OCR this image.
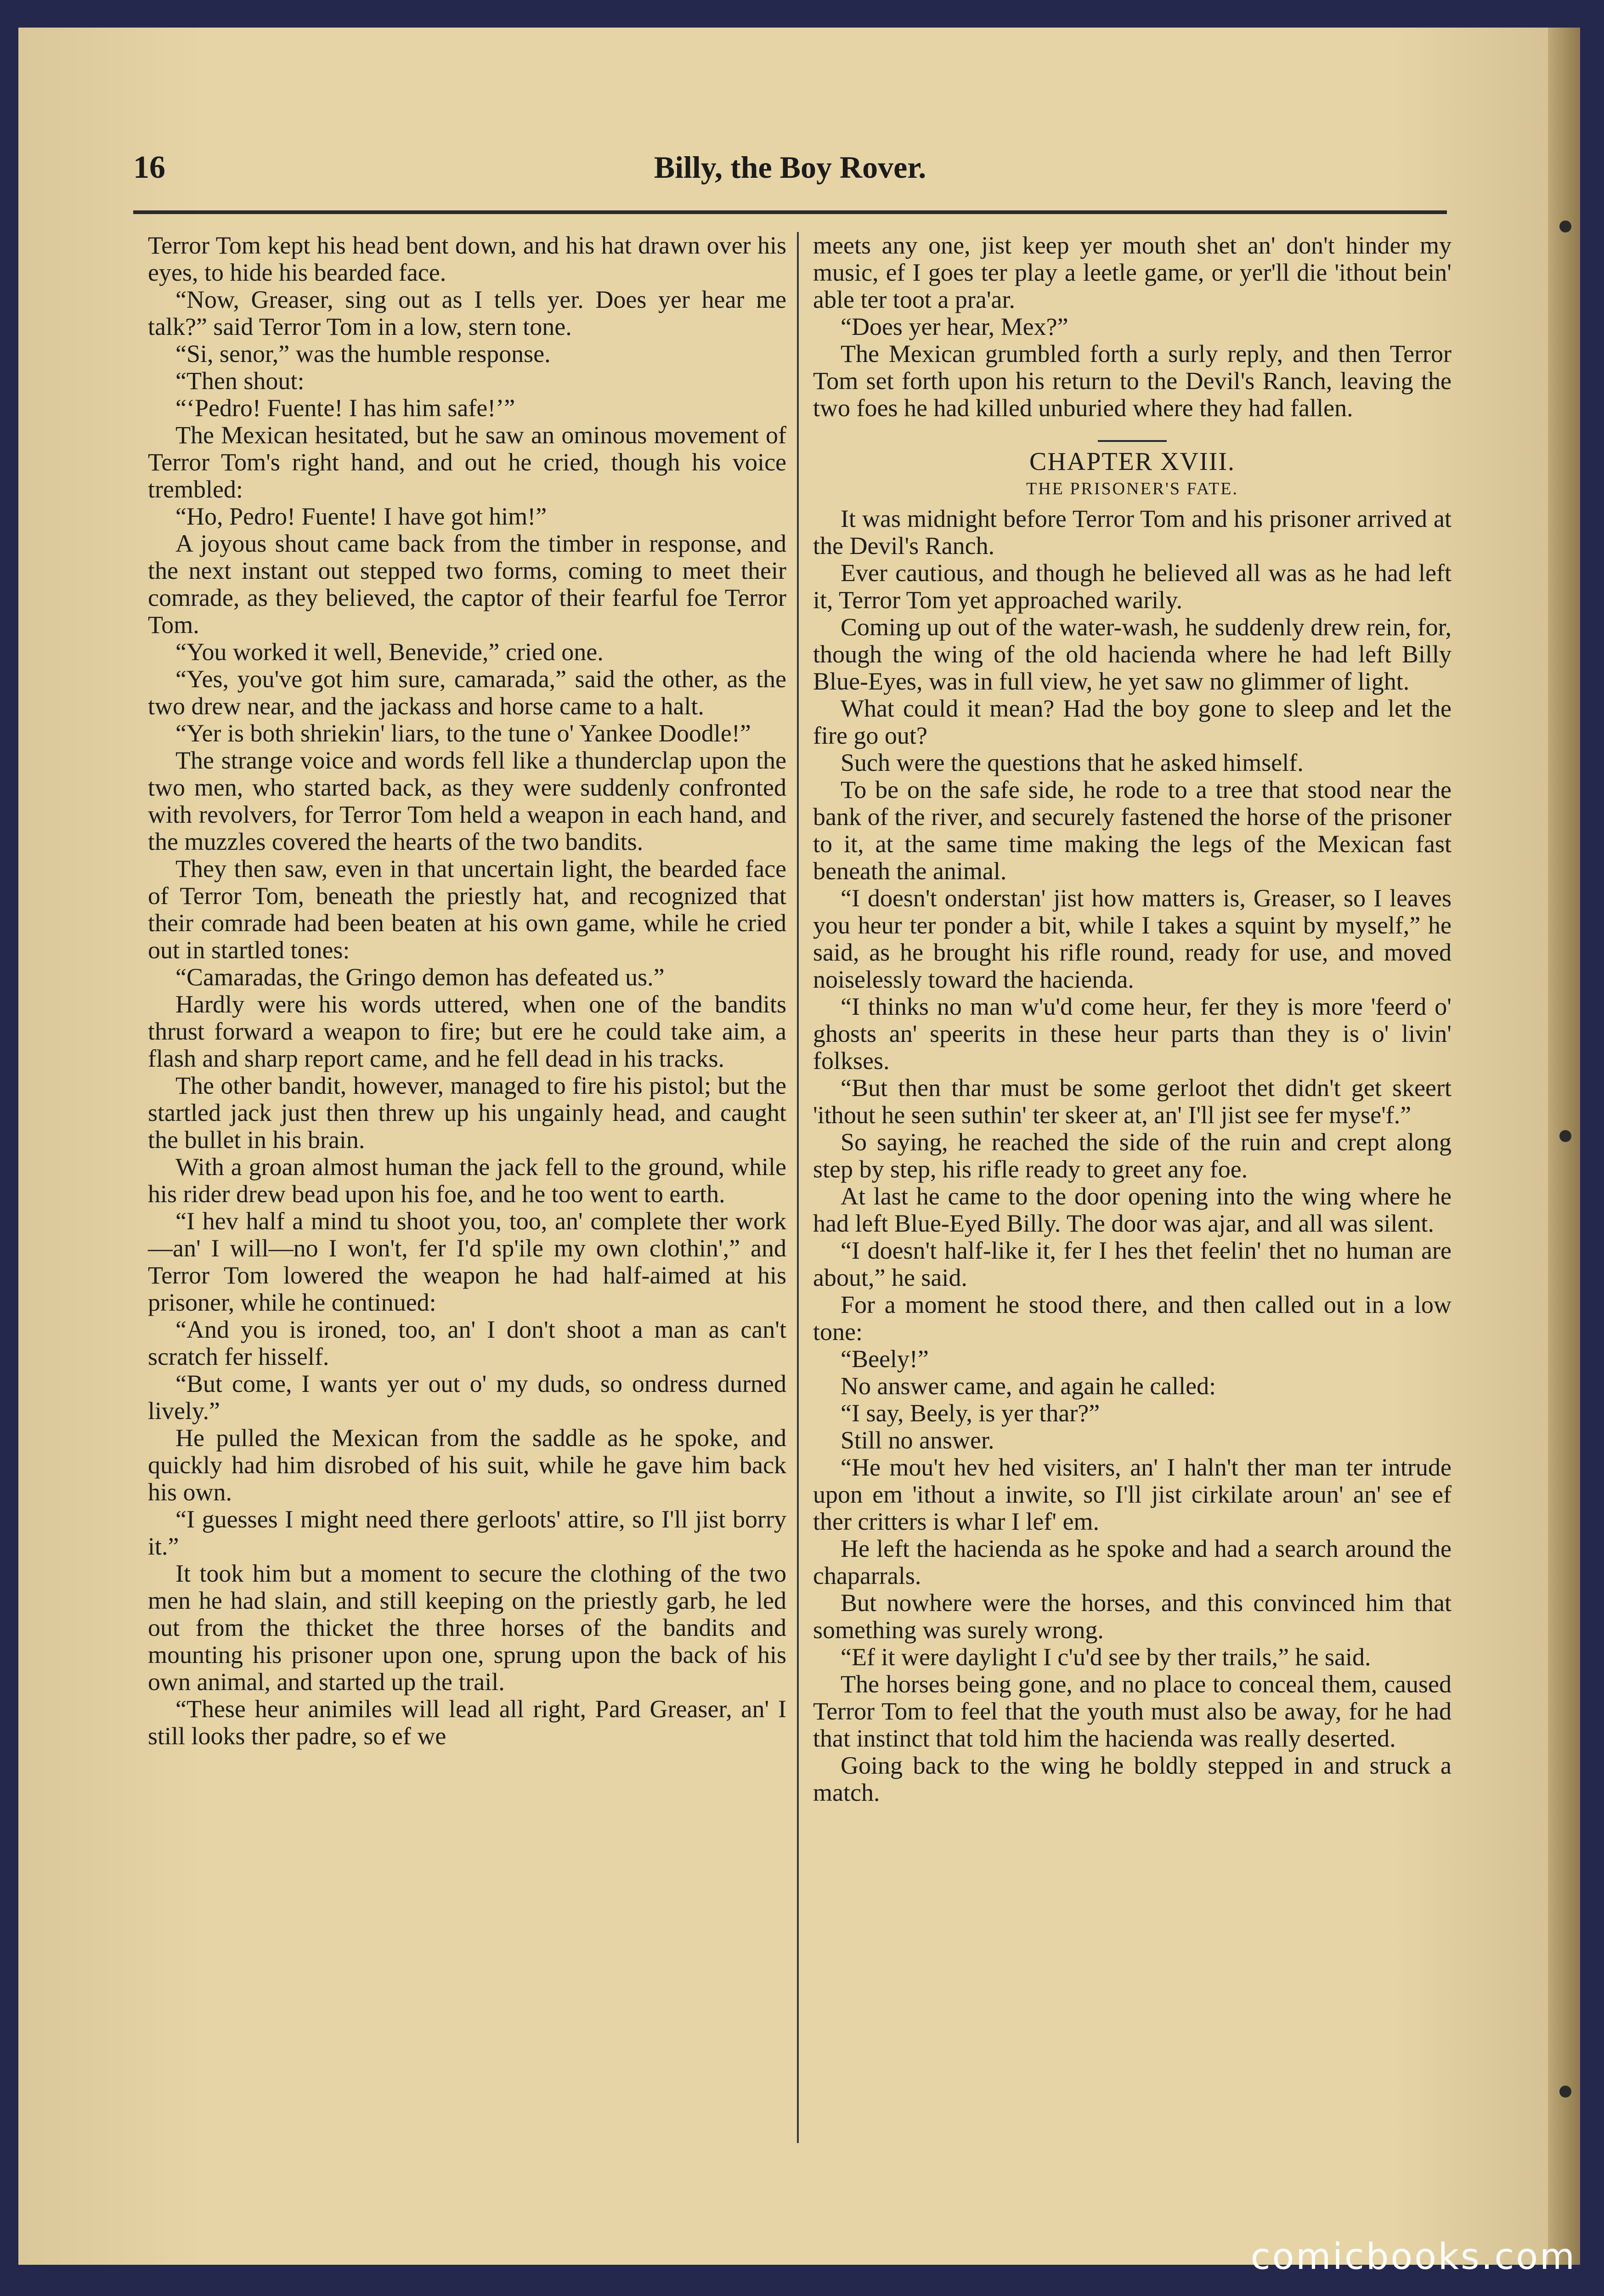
16	Billy, the Boy Rover.

Terror Tom kept his head bent down, and his hat drawn over his eyes, to hide his bearded face.

“Now, Greaser, sing out as I tells yer. Does yer hear me talk?” said Terror Tom in a low, stern tone.

“Si, senor,” was the humble response.

“Then shout:

“‘Pedro! Fuente! I has him safe!’”

The Mexican hesitated, but he saw an ominous movement of Terror Tom's right hand, and out he cried, though his voice trembled:

“Ho, Pedro! Fuente! I have got him!”

A joyous shout came back from the timber in response, and the next instant out stepped two forms, coming to meet their comrade, as they believed, the captor of their fearful foe Terror Tom.

“You worked it well, Benevide,” cried one.

“Yes, you've got him sure, camarada,” said the other, as the two drew near, and the jackass and horse came to a halt.

“Yer is both shriekin' liars, to the tune o' Yankee Doodle!”

The strange voice and words fell like a thunderclap upon the two men, who started back, as they were suddenly confronted with revolvers, for Terror Tom held a weapon in each hand, and the muzzles covered the hearts of the two bandits.

They then saw, even in that uncertain light, the bearded face of Terror Tom, beneath the priestly hat, and recognized that their comrade had been beaten at his own game, while he cried out in startled tones:

“Camaradas, the Gringo demon has defeated us.”

Hardly were his words uttered, when one of the bandits thrust forward a weapon to fire; but ere he could take aim, a flash and sharp report came, and he fell dead in his tracks.

The other bandit, however, managed to fire his pistol; but the startled jack just then threw up his ungainly head, and caught the bullet in his brain.

With a groan almost human the jack fell to the ground, while his rider drew bead upon his foe, and he too went to earth.

“I hev half a mind tu shoot you, too, an' complete ther work—an' I will—no I won't, fer I'd sp'ile my own clothin',” and Terror Tom lowered the weapon he had half-aimed at his prisoner, while he continued:

“And you is ironed, too, an' I don't shoot a man as can't scratch fer hisself.

“But come, I wants yer out o' my duds, so ondress durned lively.”

He pulled the Mexican from the saddle as he spoke, and quickly had him disrobed of his suit, while he gave him back his own.

“I guesses I might need there gerloots' attire, so I'll jist borry it.”

It took him but a moment to secure the clothing of the two men he had slain, and still keeping on the priestly garb, he led out from the thicket the three horses of the bandits and mounting his prisoner upon one, sprung upon the back of his own animal, and started up the trail.

“These heur animiles will lead all right, Pard Greaser, an' I still looks ther padre, so ef we

meets any one, jist keep yer mouth shet an' don't hinder my music, ef I goes ter play a leetle game, or yer'll die 'ithout bein' able ter toot a pra'ar.

“Does yer hear, Mex?”

The Mexican grumbled forth a surly reply, and then Terror Tom set forth upon his return to the Devil's Ranch, leaving the two foes he had killed unburied where they had fallen.

CHAPTER XVIII.
THE PRISONER'S FATE.

It was midnight before Terror Tom and his prisoner arrived at the Devil's Ranch.

Ever cautious, and though he believed all was as he had left it, Terror Tom yet approached warily.

Coming up out of the water-wash, he suddenly drew rein, for, though the wing of the old hacienda where he had left Billy Blue-Eyes, was in full view, he yet saw no glimmer of light.

What could it mean? Had the boy gone to sleep and let the fire go out?

Such were the questions that he asked himself.

To be on the safe side, he rode to a tree that stood near the bank of the river, and securely fastened the horse of the prisoner to it, at the same time making the legs of the Mexican fast beneath the animal.

“I doesn't onderstan' jist how matters is, Greaser, so I leaves you heur ter ponder a bit, while I takes a squint by myself,” he said, as he brought his rifle round, ready for use, and moved noiselessly toward the hacienda.

“I thinks no man w'u'd come heur, fer they is more 'feerd o' ghosts an' speerits in these heur parts than they is o' livin' folkses.

“But then thar must be some gerloot thet didn't get skeert 'ithout he seen suthin' ter skeer at, an' I'll jist see fer myse'f.”

So saying, he reached the side of the ruin and crept along step by step, his rifle ready to greet any foe.

At last he came to the door opening into the wing where he had left Blue-Eyed Billy. The door was ajar, and all was silent.

“I doesn't half-like it, fer I hes thet feelin' thet no human are about,” he said.

For a moment he stood there, and then called out in a low tone:

“Beely!”

No answer came, and again he called:

“I say, Beely, is yer thar?”

Still no answer.

“He mou't hev hed visiters, an' I haln't ther man ter intrude upon em 'ithout a inwite, so I'll jist cirkilate aroun' an' see ef ther critters is whar I lef' em.

He left the hacienda as he spoke and had a search around the chaparrals.

But nowhere were the horses, and this convinced him that something was surely wrong.

“Ef it were daylight I c'u'd see by ther trails,” he said.

The horses being gone, and no place to conceal them, caused Terror Tom to feel that the youth must also be away, for he had that instinct that told him the hacienda was really deserted.

Going back to the wing he boldly stepped in and struck a match.

comicbooks.com
